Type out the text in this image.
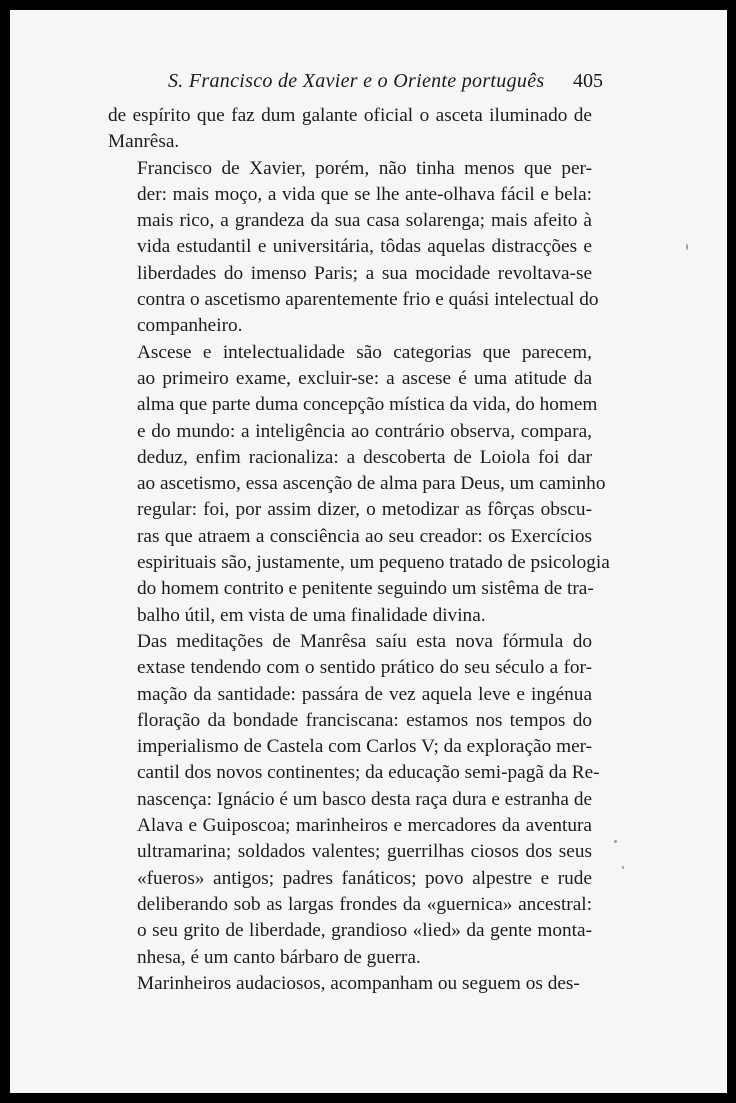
S. Francisco de Xavier e o Oriente português 405
de espírito que faz dum galante oficial o asceta iluminado de
Manrêsa.
Francisco de Xavier, porém, não tinha menos que per-
der: mais moço, a vida que se lhe ante-olhava fácil e bela:
mais rico, a grandeza da sua casa solarenga; mais afeito à
vida estudantil e universitária, tôdas aquelas distracções e
liberdades do imenso Paris; a sua mocidade revoltava-se
contra o ascetismo aparentemente frio e quási intelectual do
companheiro.
Ascese e intelectualidade são categorias que parecem,
ao primeiro exame, excluir-se: a ascese é uma atitude da
alma que parte duma concepção mística da vida, do homem
e do mundo: a inteligência ao contrário observa, compara,
deduz, enfim racionaliza: a descoberta de Loiola foi dar
ao ascetismo, essa ascenção de alma para Deus, um caminho
regular: foi, por assim dizer, o metodizar as fôrças obscu-
ras que atraem a consciência ao seu creador: os Exercícios
espirituais são, justamente, um pequeno tratado de psicologia
do homem contrito e penitente seguindo um sistêma de tra-
balho útil, em vista de uma finalidade divina.
Das meditações de Manrêsa saíu esta nova fórmula do
extase tendendo com o sentido prático do seu século a for-
mação da santidade: passára de vez aquela leve e ingénua
floração da bondade franciscana: estamos nos tempos do
imperialismo de Castela com Carlos V; da exploração mer-
cantil dos novos continentes; da educação semi-pagã da Re-
nascença: Ignácio é um basco desta raça dura e estranha de
Alava e Guiposcoa; marinheiros e mercadores da aventura
ultramarina; soldados valentes; guerrilhas ciosos dos seus
«fueros» antigos; padres fanáticos; povo alpestre e rude
deliberando sob as largas frondes da «guernica» ancestral:
o seu grito de liberdade, grandioso «lied» da gente monta-
nhesa, é um canto bárbaro de guerra.
Marinheiros audaciosos, acompanham ou seguem os des-
